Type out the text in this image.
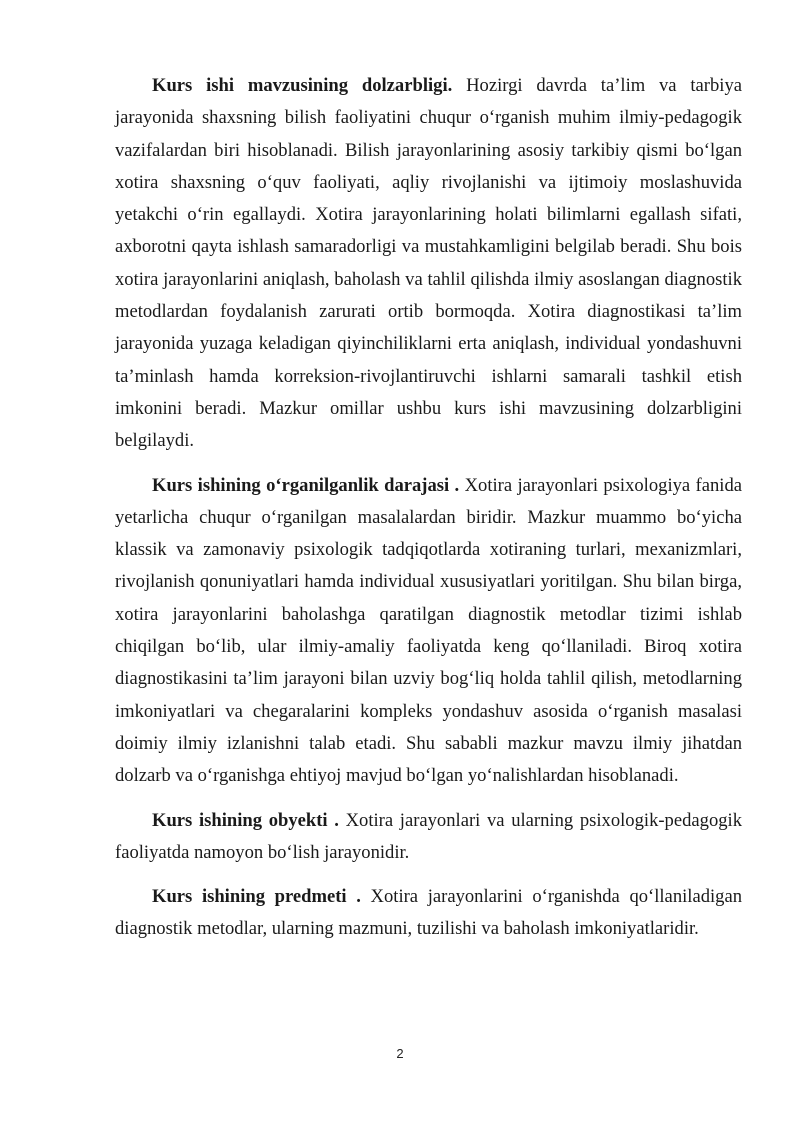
Kurs ishi mavzusining dolzarbligi. Hozirgi davrda ta’lim va tarbiya jarayonida shaxsning bilish faoliyatini chuqur o‘rganish muhim ilmiy-pedagogik vazifalardan biri hisoblanadi. Bilish jarayonlarining asosiy tarkibiy qismi bo‘lgan xotira shaxsning o‘quv faoliyati, aqliy rivojlanishi va ijtimoiy moslashuvida yetakchi o‘rin egallaydi. Xotira jarayonlarining holati bilimlarni egallash sifati, axborotni qayta ishlash samaradorligi va mustahkamligini belgilab beradi. Shu bois xotira jarayonlarini aniqlash, baholash va tahlil qilishda ilmiy asoslangan diagnostik metodlardan foydalanish zarurati ortib bormoqda. Xotira diagnostikasi ta’lim jarayonida yuzaga keladigan qiyinchiliklarni erta aniqlash, individual yondashuvni ta’minlash hamda korreksion-rivojlantiruvchi ishlarni samarali tashkil etish imkonini beradi. Mazkur omillar ushbu kurs ishi mavzusining dolzarbligini belgilaydi.

Kurs ishining o‘rganilganlik darajasi . Xotira jarayonlari psixologiya fanida yetarlicha chuqur o‘rganilgan masalalardan biridir. Mazkur muammo bo‘yicha klassik va zamonaviy psixologik tadqiqotlarda xotiraning turlari, mexanizmlari, rivojlanish qonuniyatlari hamda individual xususiyatlari yoritilgan. Shu bilan birga, xotira jarayonlarini baholashga qaratilgan diagnostik metodlar tizimi ishlab chiqilgan bo‘lib, ular ilmiy-amaliy faoliyatda keng qo‘llaniladi. Biroq xotira diagnostikasini ta’lim jarayoni bilan uzviy bog‘liq holda tahlil qilish, metodlarning imkoniyatlari va chegaralarini kompleks yondashuv asosida o‘rganish masalasi doimiy ilmiy izlanishni talab etadi. Shu sababli mazkur mavzu ilmiy jihatdan dolzarb va o‘rganishga ehtiyoj mavjud bo‘lgan yo‘nalishlardan hisoblanadi.

Kurs ishining obyekti . Xotira jarayonlari va ularning psixologik-pedagogik faoliyatda namoyon bo‘lish jarayonidir.

Kurs ishining predmeti . Xotira jarayonlarini o‘rganishda qo‘llaniladigan diagnostik metodlar, ularning mazmuni, tuzilishi va baholash imkoniyatlaridir.

2
